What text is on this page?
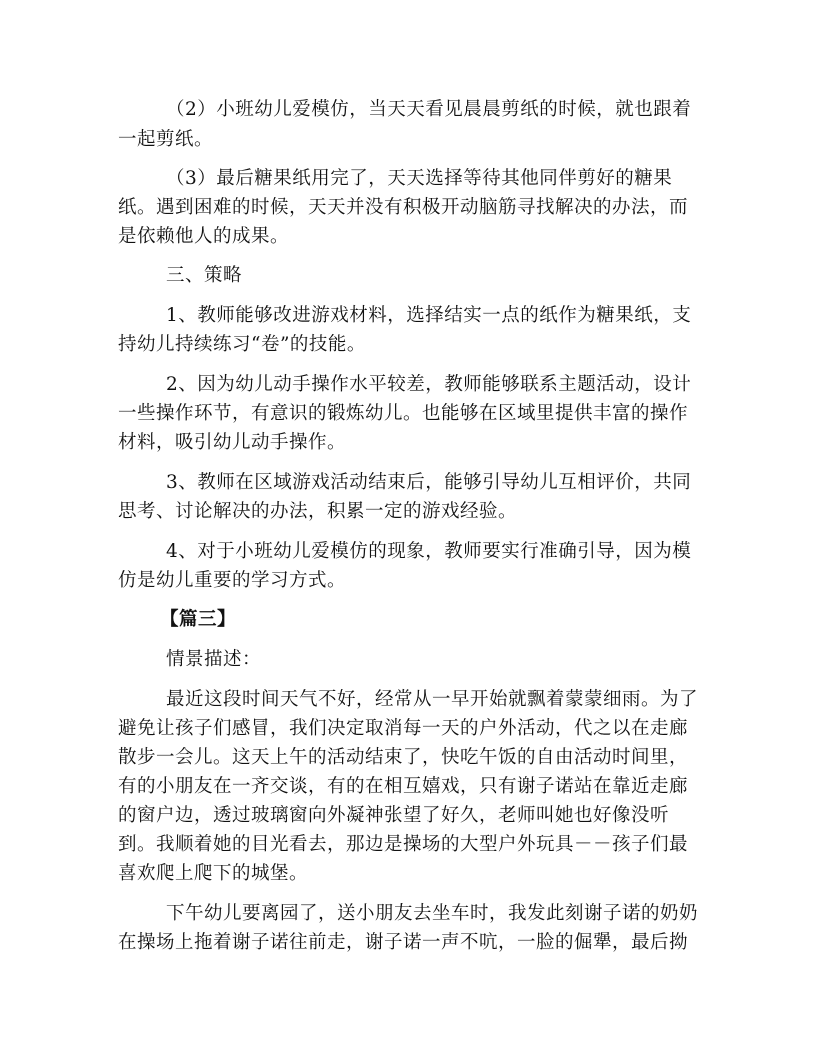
（2）小班幼儿爱模仿，当天天看见晨晨剪纸的时候，就也跟着
一起剪纸。
（3）最后糖果纸用完了，天天选择等待其他同伴剪好的糖果
纸。遇到困难的时候，天天并没有积极开动脑筋寻找解决的办法，而
是依赖他人的成果。
三、策略
1、教师能够改进游戏材料，选择结实一点的纸作为糖果纸，支
持幼儿持续练习“卷”的技能。
2、因为幼儿动手操作水平较差，教师能够联系主题活动，设计
一些操作环节，有意识的锻炼幼儿。也能够在区域里提供丰富的操作
材料，吸引幼儿动手操作。
3、教师在区域游戏活动结束后，能够引导幼儿互相评价，共同
思考、讨论解决的办法，积累一定的游戏经验。
4、对于小班幼儿爱模仿的现象，教师要实行准确引导，因为模
仿是幼儿重要的学习方式。
【篇三】
情景描述：
最近这段时间天气不好，经常从一早开始就飘着蒙蒙细雨。为了
避免让孩子们感冒，我们决定取消每一天的户外活动，代之以在走廊
散步一会儿。这天上午的活动结束了，快吃午饭的自由活动时间里，
有的小朋友在一齐交谈，有的在相互嬉戏，只有谢子诺站在靠近走廊
的窗户边，透过玻璃窗向外凝神张望了好久，老师叫她也好像没听
到。我顺着她的目光看去，那边是操场的大型户外玩具－－孩子们最
喜欢爬上爬下的城堡。
下午幼儿要离园了，送小朋友去坐车时，我发此刻谢子诺的奶奶
在操场上拖着谢子诺往前走，谢子诺一声不吭，一脸的倔犟，最后拗
